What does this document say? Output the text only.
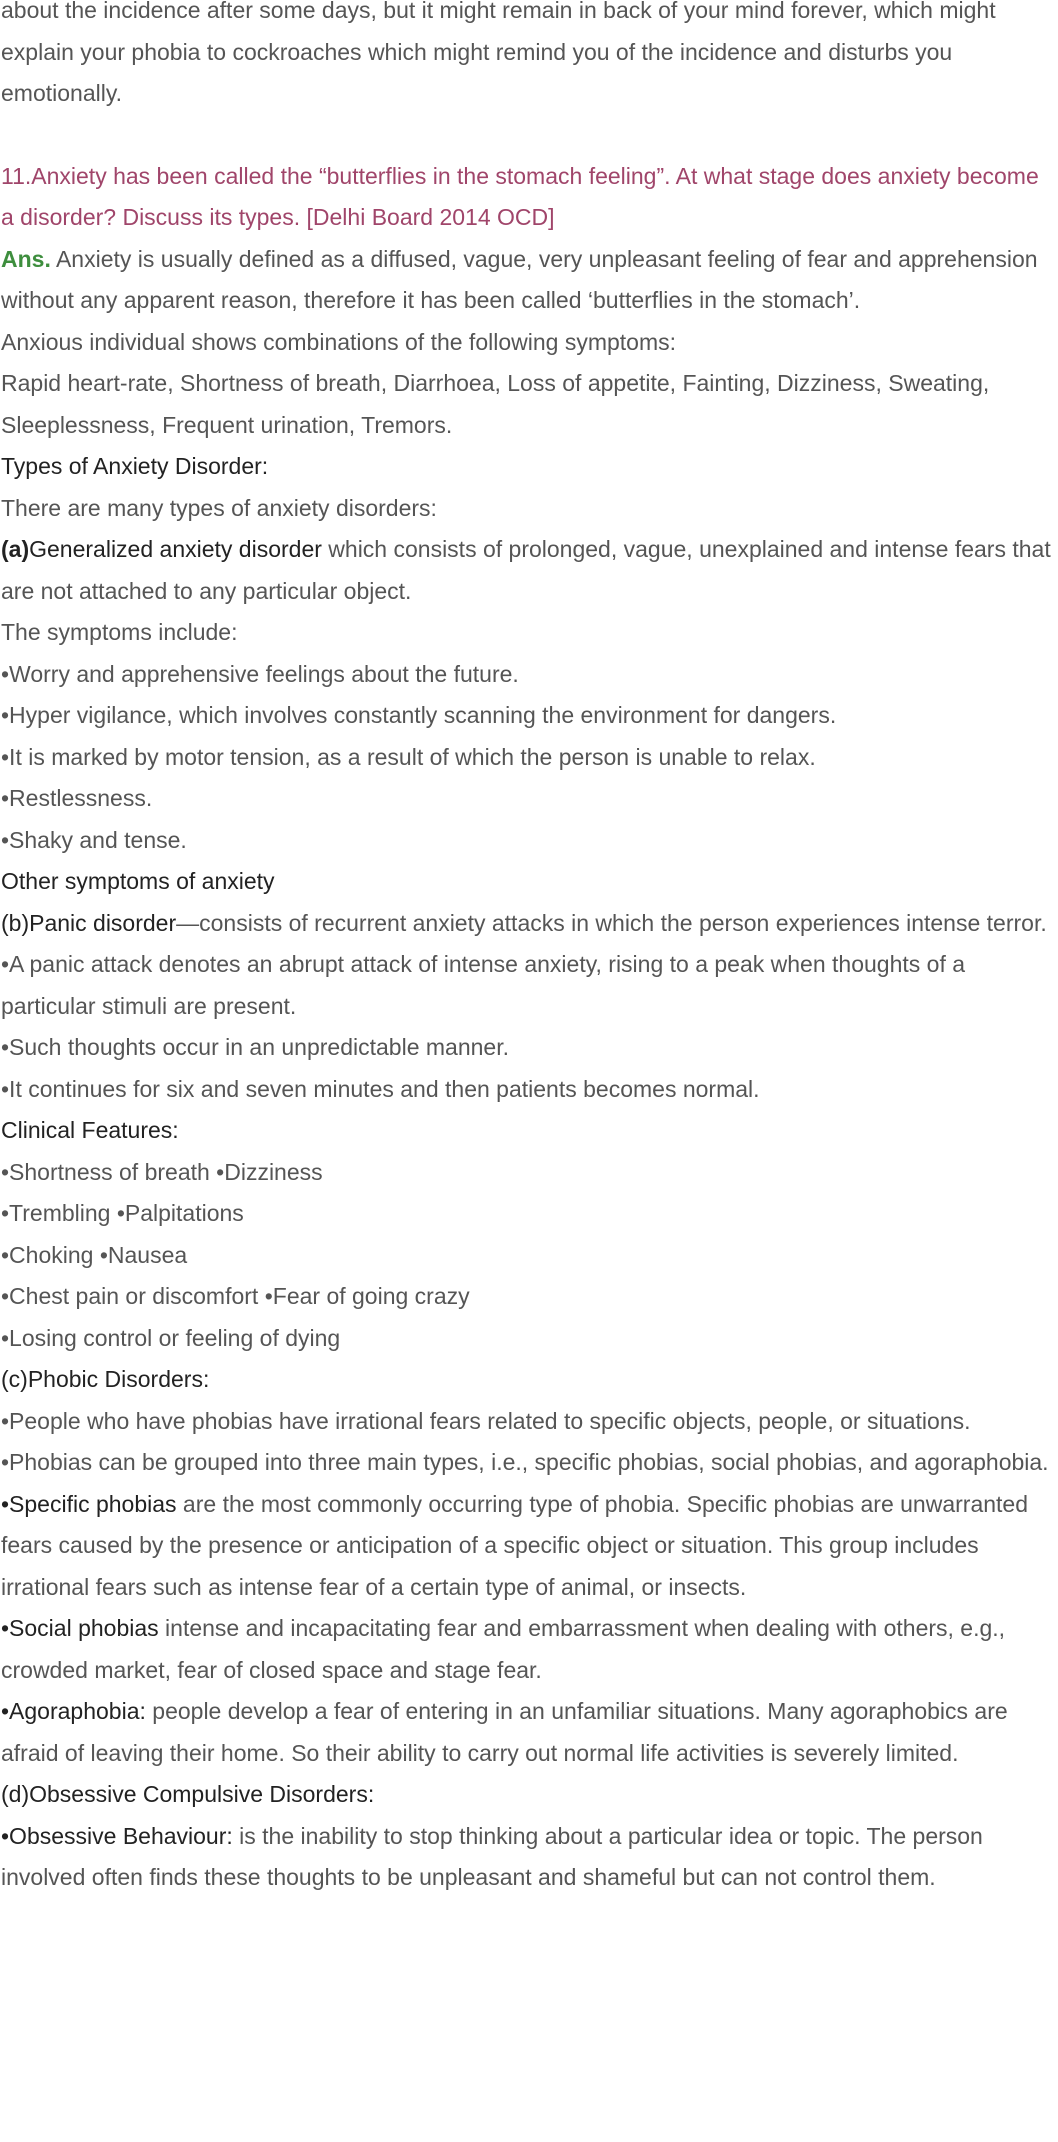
about the incidence after some days, but it might remain in back of your mind forever, which might explain your phobia to cockroaches which might remind you of the incidence and disturbs you emotionally.

11.Anxiety has been called the “butterflies in the stomach feeling”. At what stage does anxiety become a disorder? Discuss its types. [Delhi Board 2014 OCD]

Ans. Anxiety is usually defined as a diffused, vague, very unpleasant feeling of fear and apprehension without any apparent reason, therefore it has been called ‘butterflies in the stomach’.

Anxious individual shows combinations of the following symptoms:

Rapid heart-rate, Shortness of breath, Diarrhoea, Loss of appetite, Fainting, Dizziness, Sweating, Sleeplessness, Frequent urination, Tremors.

Types of Anxiety Disorder:

There are many types of anxiety disorders:

(a)Generalized anxiety disorder which consists of prolonged, vague, unexplained and intense fears that are not attached to any particular object.

The symptoms include:

•Worry and apprehensive feelings about the future.

•Hyper vigilance, which involves constantly scanning the environment for dangers.

•It is marked by motor tension, as a result of which the person is unable to relax.

•Restlessness.

•Shaky and tense.

Other symptoms of anxiety

(b)Panic disorder—consists of recurrent anxiety attacks in which the person experiences intense terror.

•A panic attack denotes an abrupt attack of intense anxiety, rising to a peak when thoughts of a particular stimuli are present.

•Such thoughts occur in an unpredictable manner.

•It continues for six and seven minutes and then patients becomes normal.

Clinical Features:

•Shortness of breath •Dizziness

•Trembling •Palpitations

•Choking •Nausea

•Chest pain or discomfort •Fear of going crazy

•Losing control or feeling of dying

(c)Phobic Disorders:

•People who have phobias have irrational fears related to specific objects, people, or situations.

•Phobias can be grouped into three main types, i.e., specific phobias, social phobias, and agoraphobia.

•Specific phobias are the most commonly occurring type of phobia. Specific phobias are unwarranted fears caused by the presence or anticipation of a specific object or situation. This group includes irrational fears such as intense fear of a certain type of animal, or insects.

•Social phobias intense and incapacitating fear and embarrassment when dealing with others, e.g., crowded market, fear of closed space and stage fear.

•Agoraphobia: people develop a fear of entering in an unfamiliar situations. Many agoraphobics are afraid of leaving their home. So their ability to carry out normal life activities is severely limited.

(d)Obsessive Compulsive Disorders:

•Obsessive Behaviour: is the inability to stop thinking about a particular idea or topic. The person involved often finds these thoughts to be unpleasant and shameful but can not control them.
